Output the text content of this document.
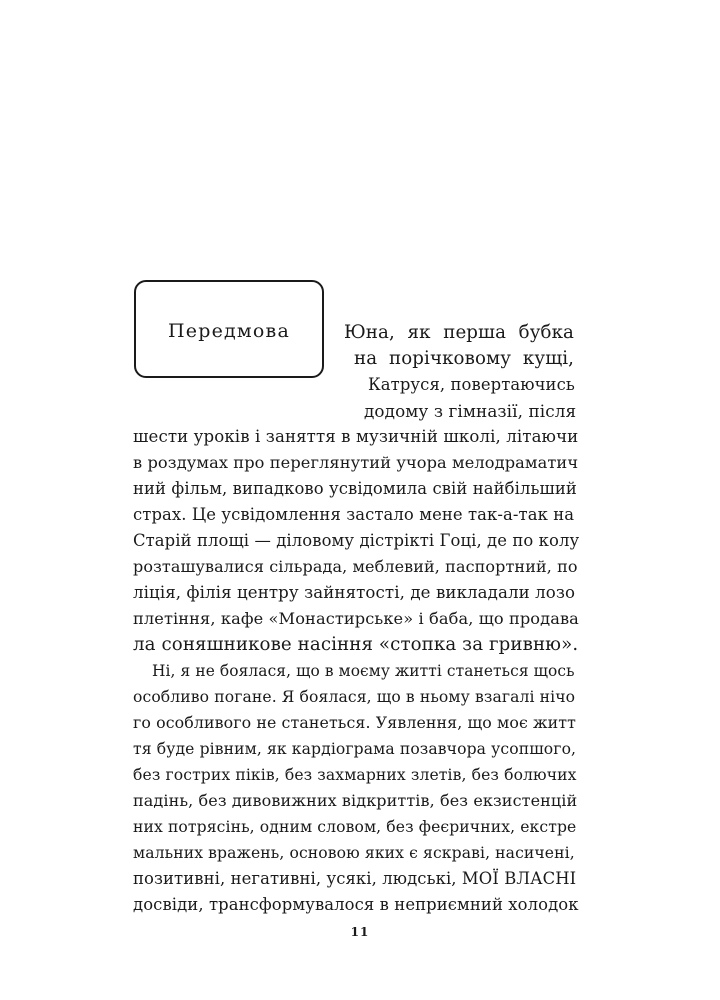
Передмова	Юна, як перша бубка
на порічковому кущі,
Катруся, повертаючись
додому з гімназії, після
шести уроків і заняття в музичній школі, літаючи
в роздумах про переглянутий учора мелодраматич
ний фільм, випадково усвідомила свій найбільший
страх. Це усвідомлення застало мене так-а-так на
Старій площі — діловому дістрікті Гоці, де по колу
розташувалися сільрада, меблевий, паспортний, по
ліція, філія центру зайнятості, де викладали лозо
плетіння, кафе «Монастирське» і баба, що продава
ла соняшникове насіння «стопка за гривню».
Ні, я не боялася, що в моєму житті станеться щось
особливо погане. Я боялася, що в ньому взагалі нічо
го особливого не станеться. Уявлення, що моє житт
тя буде рівним, як кардіограма позавчора усопшого,
без гострих піків, без захмарних злетів, без болючих
падінь, без дивовижних відкриттів, без екзистенцій
них потрясінь, одним словом, без феєричних, екстре
мальних вражень, основою яких є яскраві, насичені,
позитивні, негативні, усякі, людські, МОЇ ВЛАСНІ
досвіди, трансформувалося в неприємний холодок
11
